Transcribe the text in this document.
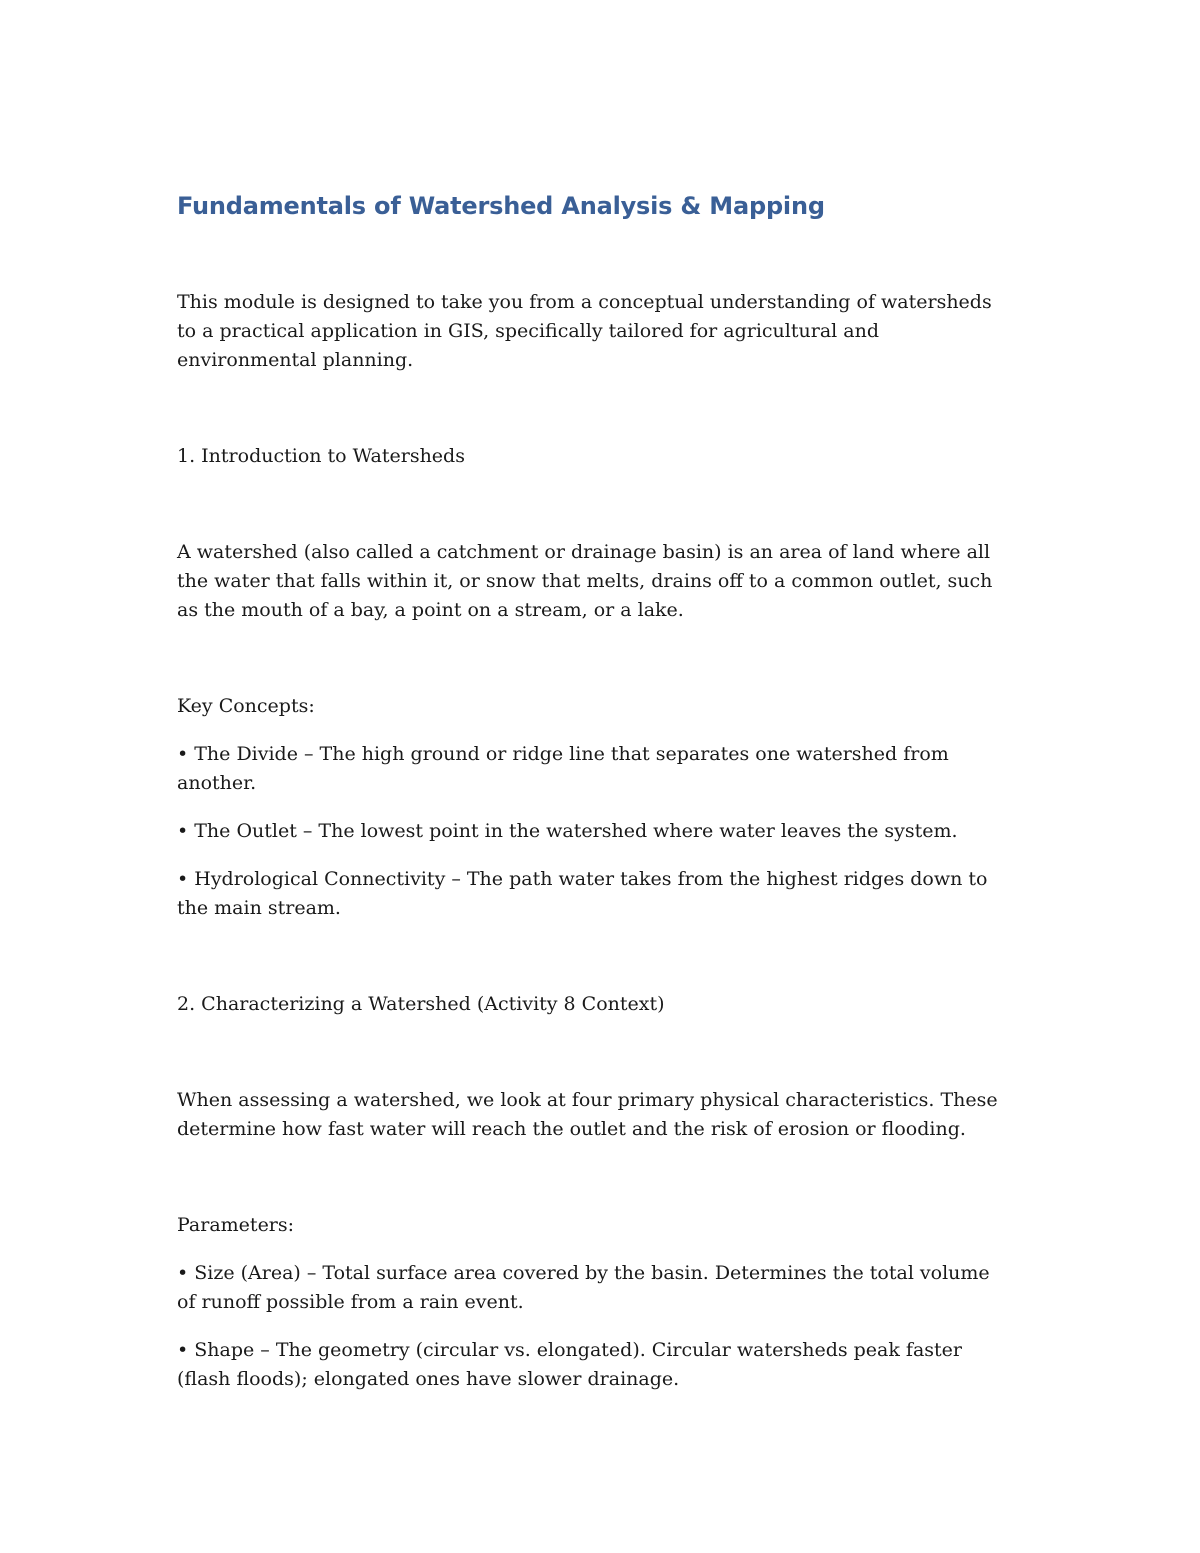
Fundamentals of Watershed Analysis & Mapping

This module is designed to take you from a conceptual understanding of watersheds to a practical application in GIS, specifically tailored for agricultural and environmental planning.

1. Introduction to Watersheds

A watershed (also called a catchment or drainage basin) is an area of land where all the water that falls within it, or snow that melts, drains off to a common outlet, such as the mouth of a bay, a point on a stream, or a lake.

Key Concepts:

• The Divide – The high ground or ridge line that separates one watershed from another.

• The Outlet – The lowest point in the watershed where water leaves the system.

• Hydrological Connectivity – The path water takes from the highest ridges down to the main stream.

2. Characterizing a Watershed (Activity 8 Context)

When assessing a watershed, we look at four primary physical characteristics. These determine how fast water will reach the outlet and the risk of erosion or flooding.

Parameters:

• Size (Area) – Total surface area covered by the basin. Determines the total volume of runoff possible from a rain event.

• Shape – The geometry (circular vs. elongated). Circular watersheds peak faster (flash floods); elongated ones have slower drainage.
